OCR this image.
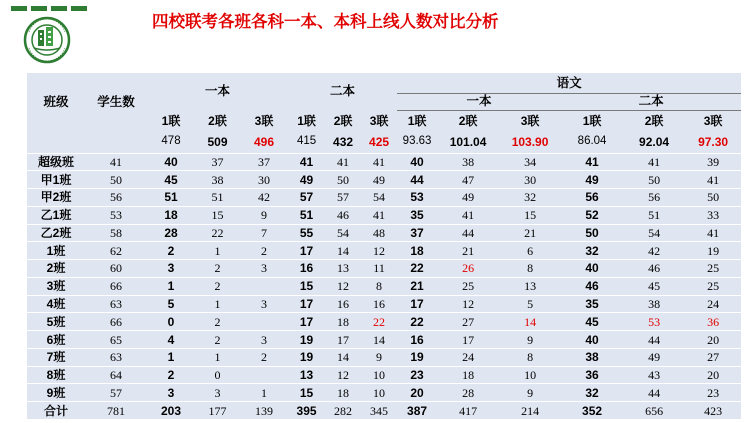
四校联考各班各科一本、本科上线人数对比分析
班级	学生数	一本			二本			语文					
								一本			二本		
		1联	2联	3联	1联	2联	3联	1联	2联	3联	1联	2联	3联
		478	509	496	415	432	425	93.63	101.04	103.90	86.04	92.04	97.30
超级班	41	40	37	37	41	41	41	40	38	34	41	41	39
甲1班	50	45	38	30	49	50	49	44	47	30	49	50	41
甲2班	56	51	51	42	57	57	54	53	49	32	56	56	50
乙1班	53	18	15	9	51	46	41	35	41	15	52	51	33
乙2班	58	28	22	7	55	54	48	37	44	21	50	54	41
1班	62	2	1	2	17	14	12	18	21	6	32	42	19
2班	60	3	2	3	16	13	11	22	26	8	40	46	25
3班	66	1	2		15	12	8	21	25	13	46	45	25
4班	63	5	1	3	17	16	16	17	12	5	35	38	24
5班	66	0	2		17	18	22	22	27	14	45	53	36
6班	65	4	2	3	19	17	14	16	17	9	40	44	20
7班	63	1	1	2	19	14	9	19	24	8	38	49	27
8班	64	2	0		13	12	10	23	18	10	36	43	20
9班	57	3	3	1	15	18	10	20	28	9	32	44	23
合计	781	203	177	139	395	282	345	387	417	214	352	656	423
